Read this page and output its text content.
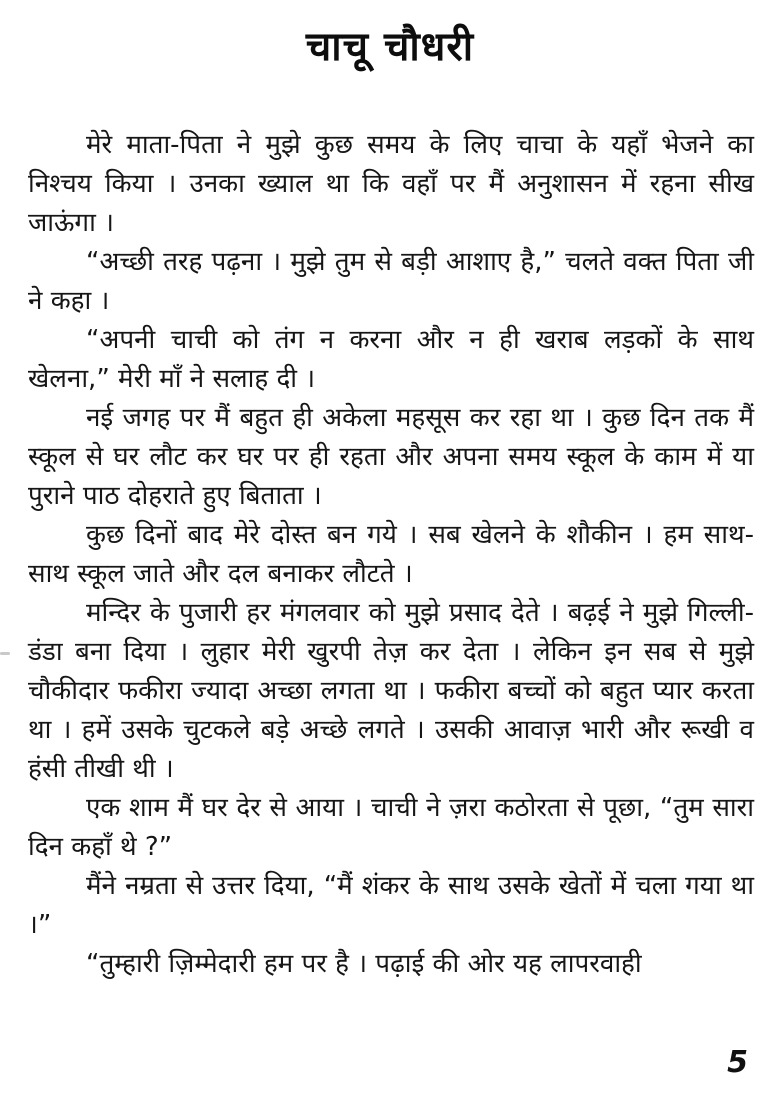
चाचू चौधरी

मेरे माता-पिता ने मुझे कुछ समय के लिए चाचा के यहाँ भेजने का निश्चय किया । उनका ख्याल था कि वहाँ पर मैं अनुशासन में रहना सीख जाऊंगा ।

“अच्छी तरह पढ़ना । मुझे तुम से बड़ी आशाए है,” चलते वक्त पिता जी ने कहा ।

“अपनी चाची को तंग न करना और न ही खराब लड़कों के साथ खेलना,” मेरी माँ ने सलाह दी ।

नई जगह पर मैं बहुत ही अकेला महसूस कर रहा था । कुछ दिन तक मैं स्कूल से घर लौट कर घर पर ही रहता और अपना समय स्कूल के काम में या पुराने पाठ दोहराते हुए बिताता ।

कुछ दिनों बाद मेरे दोस्त बन गये । सब खेलने के शौकीन । हम साथ-साथ स्कूल जाते और दल बनाकर लौटते ।

मन्दिर के पुजारी हर मंगलवार को मुझे प्रसाद देते । बढ़ई ने मुझे गिल्ली-डंडा बना दिया । लुहार मेरी खुरपी तेज़ कर देता । लेकिन इन सब से मुझे चौकीदार फकीरा ज्यादा अच्छा लगता था । फकीरा बच्चों को बहुत प्यार करता था । हमें उसके चुटकले बड़े अच्छे लगते । उसकी आवाज़ भारी और रूखी व हंसी तीखी थी ।

एक शाम मैं घर देर से आया । चाची ने ज़रा कठोरता से पूछा, “तुम सारा दिन कहाँ थे ?”

मैंने नम्रता से उत्तर दिया, “मैं शंकर के साथ उसके खेतों में चला गया था ।”

“तुम्हारी ज़िम्मेदारी हम पर है । पढ़ाई की ओर यह लापरवाही

5
